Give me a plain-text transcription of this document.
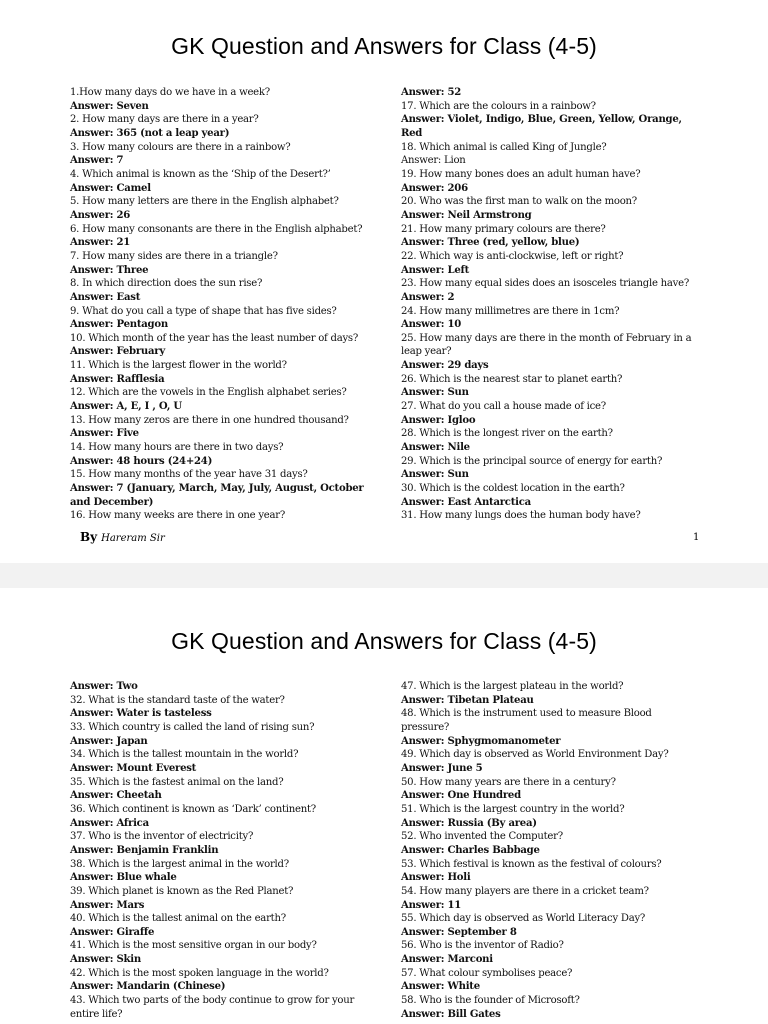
GK Question and Answers for Class (4-5)
1.How many days do we have in a week?
Answer: Seven
2. How many days are there in a year?
Answer: 365 (not a leap year)
3. How many colours are there in a rainbow?
Answer: 7
4. Which animal is known as the ‘Ship of the Desert?’
Answer: Camel
5. How many letters are there in the English alphabet?
Answer: 26
6. How many consonants are there in the English alphabet?
Answer: 21
7. How many sides are there in a triangle?
Answer: Three
8. In which direction does the sun rise?
Answer: East
9. What do you call a type of shape that has five sides?
Answer: Pentagon
10. Which month of the year has the least number of days?
Answer: February
11. Which is the largest flower in the world?
Answer: Rafflesia
12. Which are the vowels in the English alphabet series?
Answer: A, E, I , O, U
13. How many zeros are there in one hundred thousand?
Answer: Five
14. How many hours are there in two days?
Answer: 48 hours (24+24)
15. How many months of the year have 31 days?
Answer: 7 (January, March, May, July, August, October
and December)
16. How many weeks are there in one year?
Answer: 52
17. Which are the colours in a rainbow?
Answer: Violet, Indigo, Blue, Green, Yellow, Orange,
Red
18. Which animal is called King of Jungle?
Answer: Lion
19. How many bones does an adult human have?
Answer: 206
20. Who was the first man to walk on the moon?
Answer: Neil Armstrong
21. How many primary colours are there?
Answer: Three (red, yellow, blue)
22. Which way is anti-clockwise, left or right?
Answer: Left
23. How many equal sides does an isosceles triangle have?
Answer: 2
24. How many millimetres are there in 1cm?
Answer: 10
25. How many days are there in the month of February in a
leap year?
Answer: 29 days
26. Which is the nearest star to planet earth?
Answer: Sun
27. What do you call a house made of ice?
Answer: Igloo
28. Which is the longest river on the earth?
Answer: Nile
29. Which is the principal source of energy for earth?
Answer: Sun
30. Which is the coldest location in the earth?
Answer: East Antarctica
31. How many lungs does the human body have?
By Hareram Sir	1
GK Question and Answers for Class (4-5)
Answer: Two
32. What is the standard taste of the water?
Answer: Water is tasteless
33. Which country is called the land of rising sun?
Answer: Japan
34. Which is the tallest mountain in the world?
Answer: Mount Everest
35. Which is the fastest animal on the land?
Answer: Cheetah
36. Which continent is known as ‘Dark’ continent?
Answer: Africa
37. Who is the inventor of electricity?
Answer: Benjamin Franklin
38. Which is the largest animal in the world?
Answer: Blue whale
39. Which planet is known as the Red Planet?
Answer: Mars
40. Which is the tallest animal on the earth?
Answer: Giraffe
41. Which is the most sensitive organ in our body?
Answer: Skin
42. Which is the most spoken language in the world?
Answer: Mandarin (Chinese)
43. Which two parts of the body continue to grow for your
entire life?
47. Which is the largest plateau in the world?
Answer: Tibetan Plateau
48. Which is the instrument used to measure Blood
pressure?
Answer: Sphygmomanometer
49. Which day is observed as World Environment Day?
Answer: June 5
50. How many years are there in a century?
Answer: One Hundred
51. Which is the largest country in the world?
Answer: Russia (By area)
52. Who invented the Computer?
Answer: Charles Babbage
53. Which festival is known as the festival of colours?
Answer: Holi
54. How many players are there in a cricket team?
Answer: 11
55. Which day is observed as World Literacy Day?
Answer: September 8
56. Who is the inventor of Radio?
Answer: Marconi
57. What colour symbolises peace?
Answer: White
58. Who is the founder of Microsoft?
Answer: Bill Gates
